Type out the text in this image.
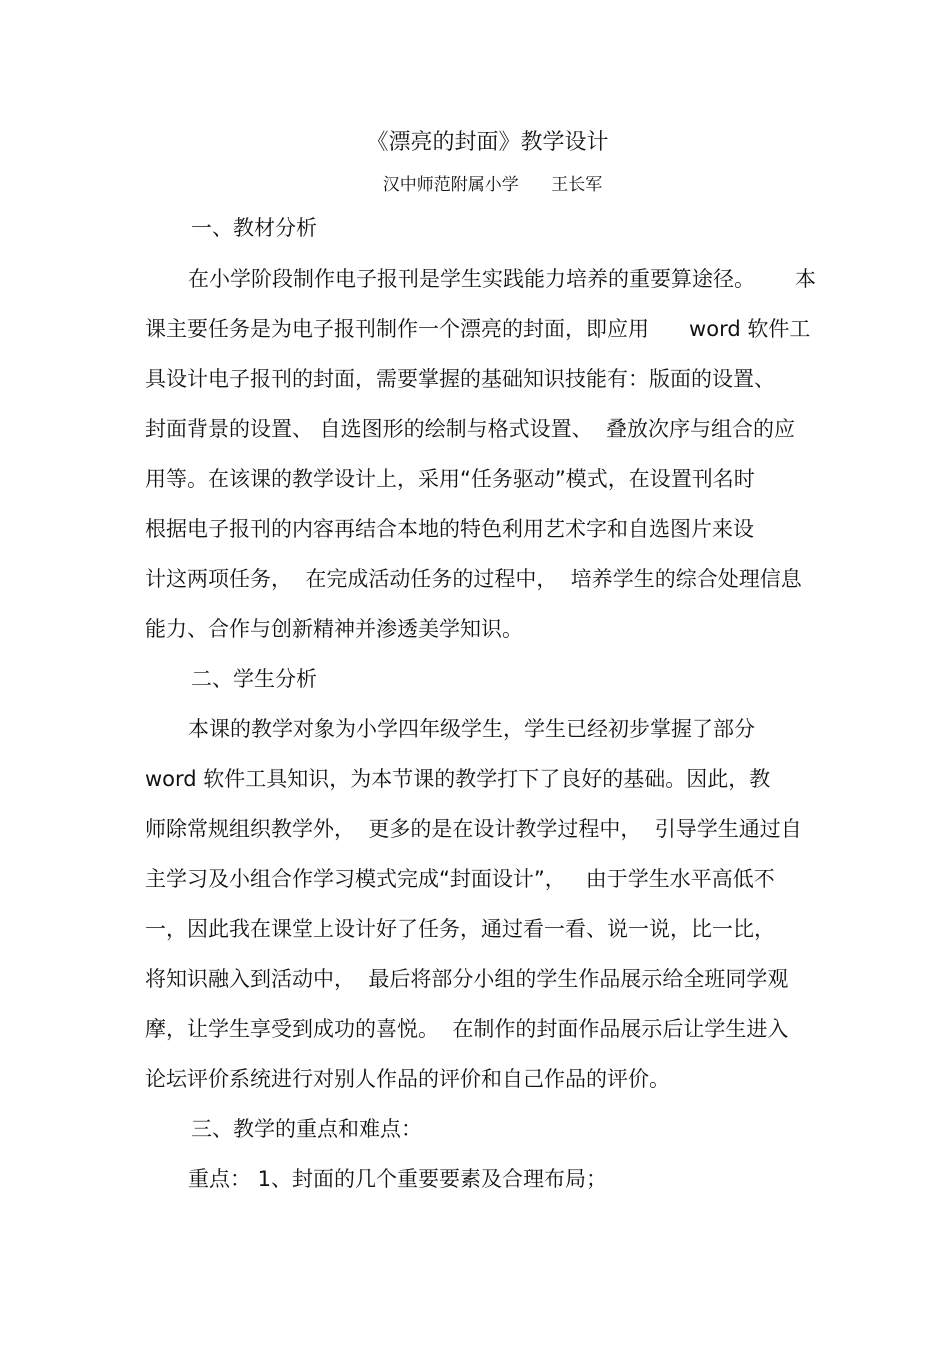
《漂亮的封面》教学设计
汉中师范附属小学      王长军
一、教材分析
在小学阶段制作电子报刊是学生实践能力培养的重要算途径。      本
课主要任务是为电子报刊制作一个漂亮的封面，即应用      word 软件工
具设计电子报刊的封面，需要掌握的基础知识技能有：版面的设置、
封面背景的设置、 自选图形的绘制与格式设置、  叠放次序与组合的应
用等。在该课的教学设计上，采用“任务驱动”模式，在设置刊名时
根据电子报刊的内容再结合本地的特色利用艺术字和自选图片来设
计这两项任务，  在完成活动任务的过程中，  培养学生的综合处理信息
能力、合作与创新精神并渗透美学知识。
二、学生分析
本课的教学对象为小学四年级学生，学生已经初步掌握了部分
word 软件工具知识，为本节课的教学打下了良好的基础。因此，教
师除常规组织教学外，  更多的是在设计教学过程中，  引导学生通过自
主学习及小组合作学习模式完成“封面设计”，   由于学生水平高低不
一，因此我在课堂上设计好了任务，通过看一看、说一说，比一比，
将知识融入到活动中，  最后将部分小组的学生作品展示给全班同学观
摩，让学生享受到成功的喜悦。  在制作的封面作品展示后让学生进入
论坛评价系统进行对别人作品的评价和自己作品的评价。
三、教学的重点和难点：
重点： 1、封面的几个重要要素及合理布局；
